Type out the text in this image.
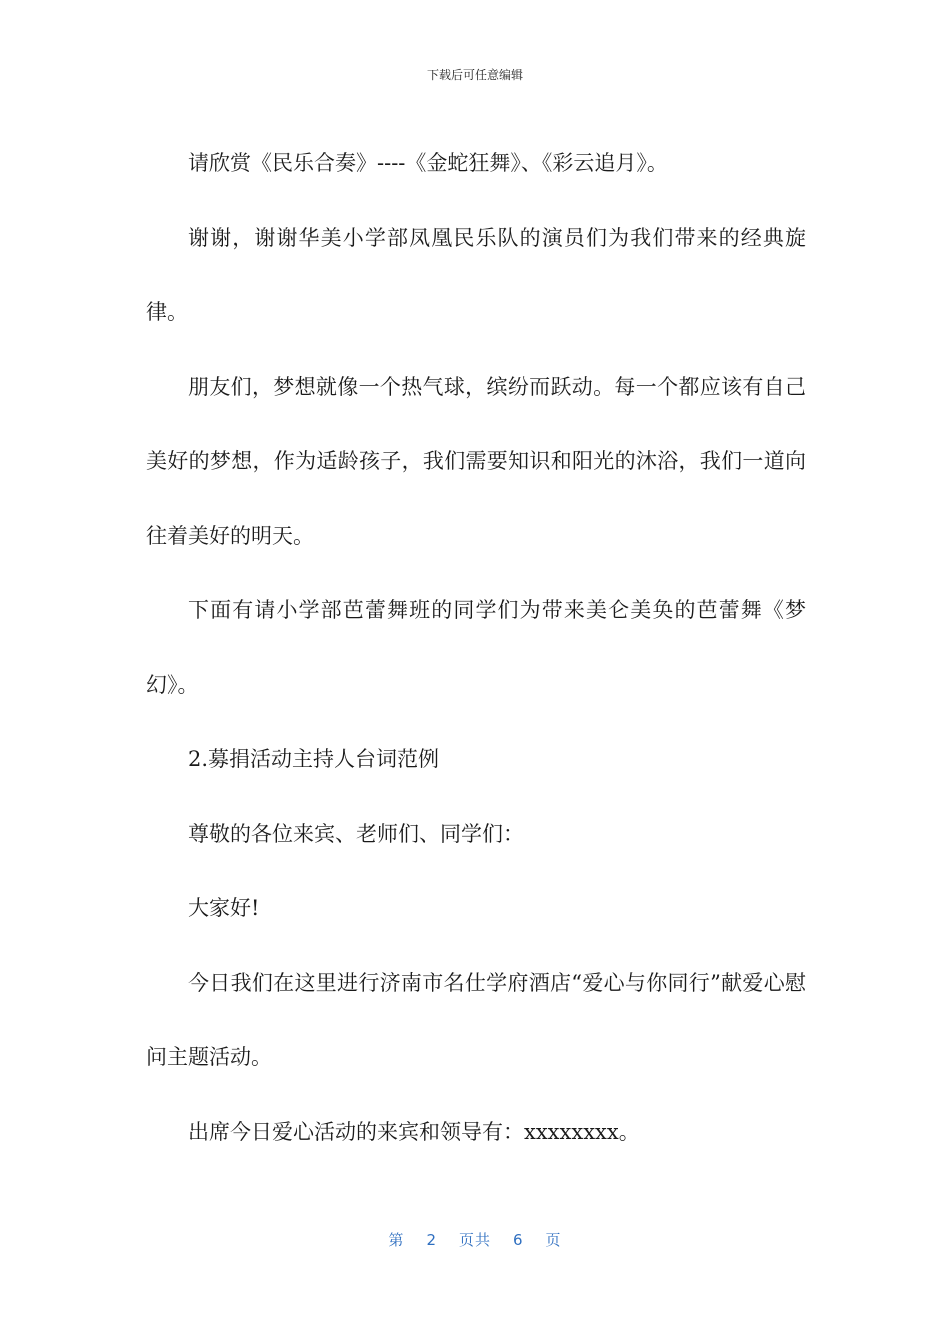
下载后可任意编辑

请欣赏《民乐合奏》----《金蛇狂舞》、《彩云追月》。

谢谢，谢谢华美小学部凤凰民乐队的演员们为我们带来的经典旋律。

朋友们，梦想就像一个热气球，缤纷而跃动。每一个都应该有自己美好的梦想，作为适龄孩子，我们需要知识和阳光的沐浴，我们一道向往着美好的明天。

下面有请小学部芭蕾舞班的同学们为带来美仑美奂的芭蕾舞《梦幻》。

2.募捐活动主持人台词范例

尊敬的各位来宾、老师们、同学们：

大家好!

今日我们在这里进行济南市名仕学府酒店“爱心与你同行”献爱心慰问主题活动。

出席今日爱心活动的来宾和领导有：xxxxxxxx。

第 2 页共 6 页
